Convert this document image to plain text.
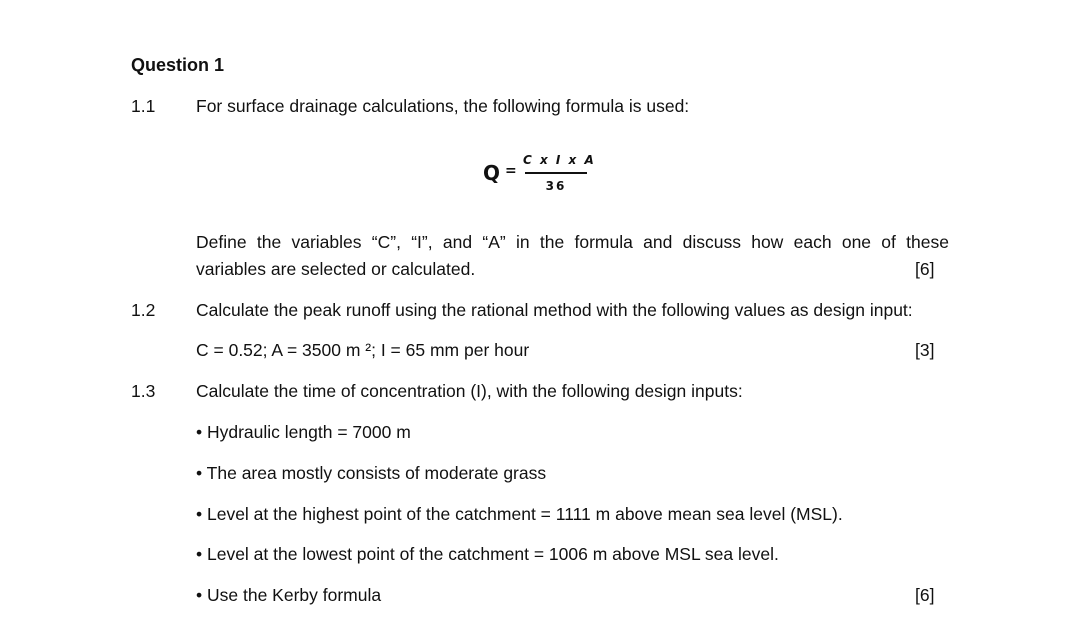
Question 1
1.1 For surface drainage calculations, the following formula is used:
Q =
C x I x A
36
Define the variables “C”, “I”, and “A” in the formula and discuss how each one of these
variables are selected or calculated.	[6]
1.2 Calculate the peak runoff using the rational method with the following values as design input:
C = 0.52; A = 3500 m ²; I = 65 mm per hour	[3]
1.3 Calculate the time of concentration (I), with the following design inputs:
• Hydraulic length = 7000 m
• The area mostly consists of moderate grass
• Level at the highest point of the catchment = 1111 m above mean sea level (MSL).
• Level at the lowest point of the catchment = 1006 m above MSL sea level.
• Use the Kerby formula	[6]
